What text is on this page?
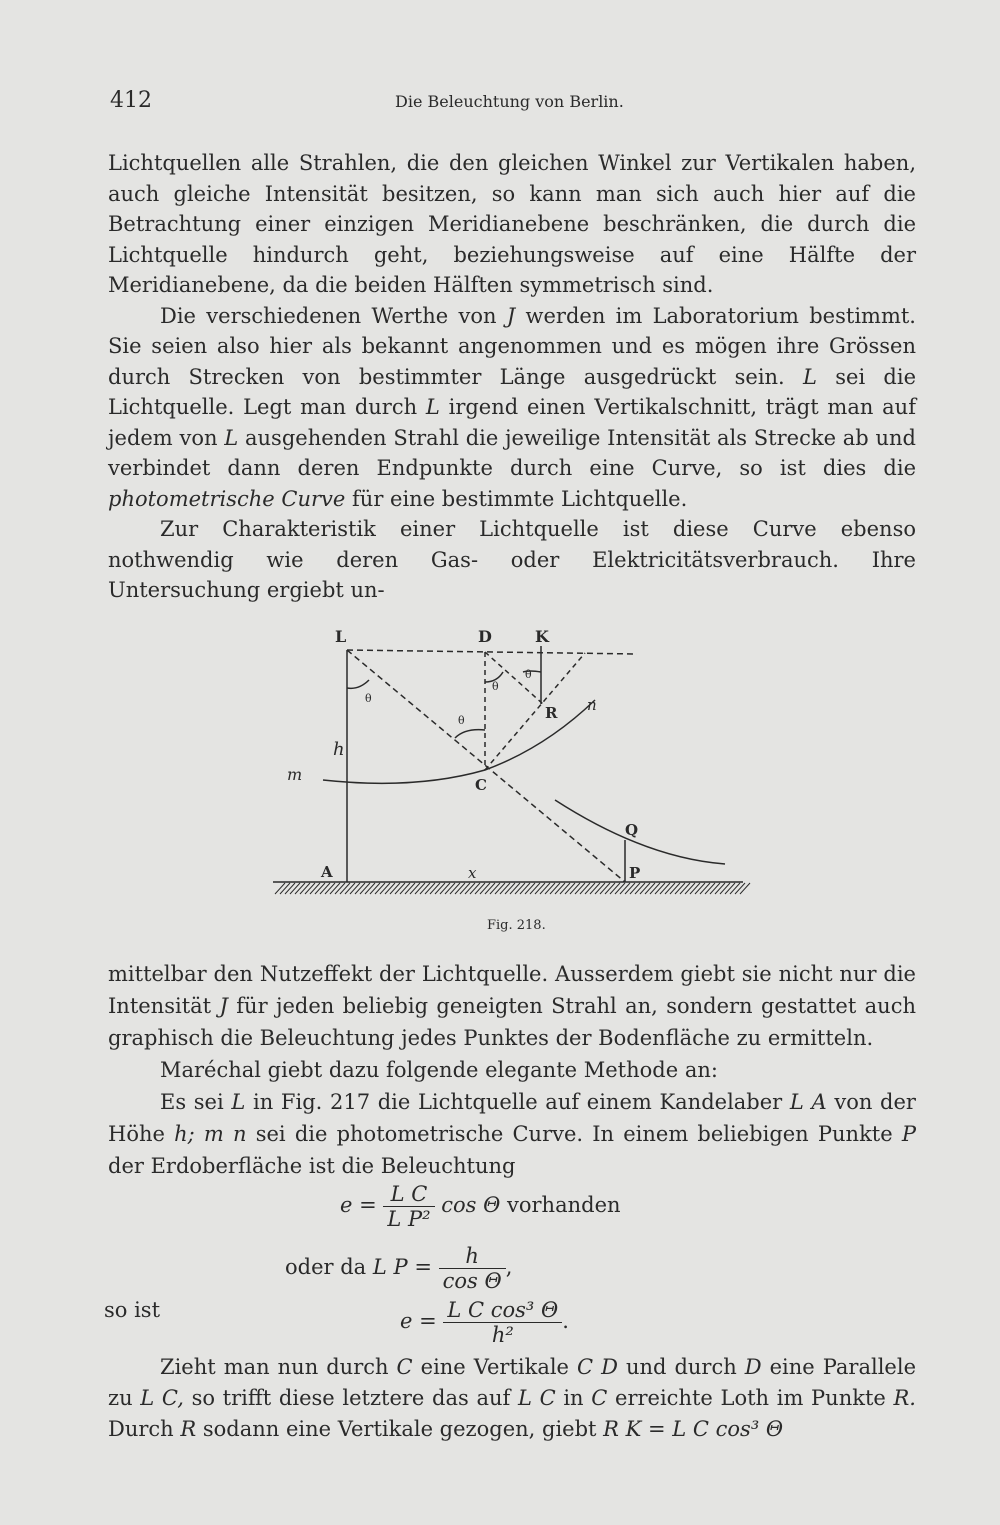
412	Die Beleuchtung von Berlin.

Lichtquellen alle Strahlen, die den gleichen Winkel zur Vertikalen haben, auch gleiche Intensität besitzen, so kann man sich auch hier auf die Betrachtung einer einzigen Meridianebene beschränken, die durch die Lichtquelle hindurch geht, beziehungsweise auf eine Hälfte der Meridianebene, da die beiden Hälften symmetrisch sind.

Die verschiedenen Werthe von J werden im Laboratorium bestimmt. Sie seien also hier als bekannt angenommen und es mögen ihre Grössen durch Strecken von bestimmter Länge ausgedrückt sein. L sei die Lichtquelle. Legt man durch L irgend einen Vertikalschnitt, trägt man auf jedem von L ausgehenden Strahl die jeweilige Intensität als Strecke ab und verbindet dann deren Endpunkte durch eine Curve, so ist dies die photometrische Curve für eine bestimmte Lichtquelle.

Zur Charakteristik einer Lichtquelle ist diese Curve ebenso nothwendig wie deren Gas- oder Elektricitätsverbrauch. Ihre Untersuchung ergiebt un-

L	D	K
R n
m
h
C
Q
A	x	P
θ
θ
θ
θ
Fig. 218.

mittelbar den Nutzeffekt der Lichtquelle. Ausserdem giebt sie nicht nur die Intensität J für jeden beliebig geneigten Strahl an, sondern gestattet auch graphisch die Beleuchtung jedes Punktes der Bodenfläche zu ermitteln.

Maréchal giebt dazu folgende elegante Methode an:

Es sei L in Fig. 217 die Lichtquelle auf einem Kandelaber L A von der Höhe h; m n sei die photometrische Curve. In einem beliebigen Punkte P der Erdoberfläche ist die Beleuchtung

$e = \frac{\text{L C}}{\text{L P²}}$ cos Θ vorhanden
oder da L $P = \frac{h}{\text{cos Θ}}$ ,
so ist	$e = \frac{\text{L C cos³ Θ}}{\text{h²}}$ .

Zieht man nun durch C eine Vertikale C D und durch D eine Parallele zu L C, so trifft diese letztere das auf L C in C erreichte Loth im Punkte R. Durch R sodann eine Vertikale gezogen, giebt R K = L C cos³ Θ
